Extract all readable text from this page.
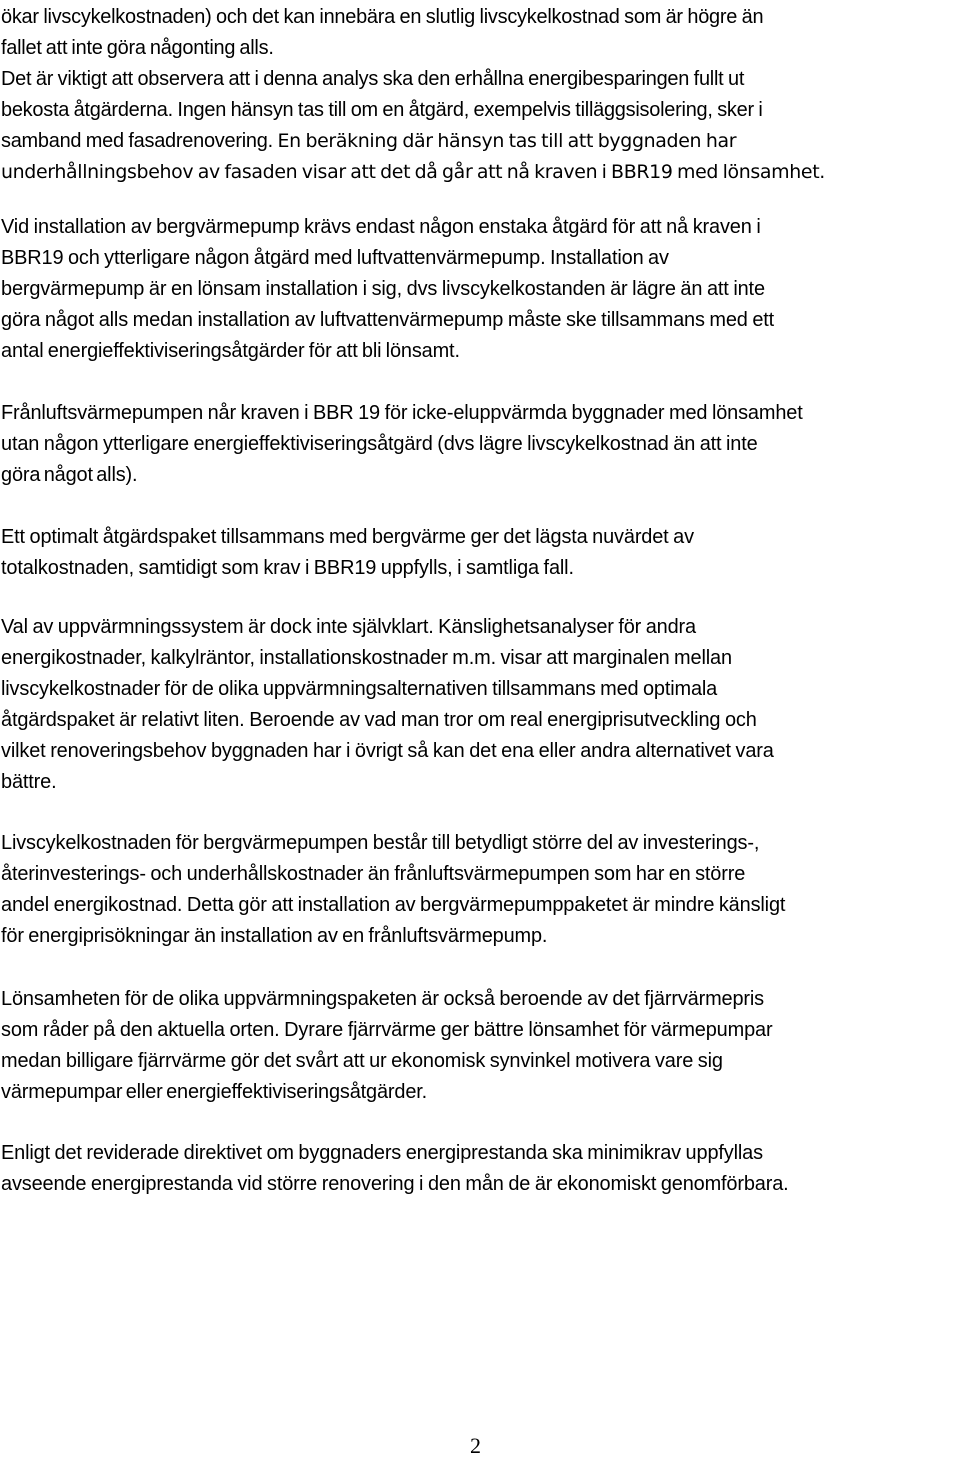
ökar livscykelkostnaden) och det kan innebära en slutlig livscykelkostnad som är högre än
fallet att inte göra någonting alls.
Det är viktigt att observera att i denna analys ska den erhållna energibesparingen fullt ut
bekosta åtgärderna. Ingen hänsyn tas till om en åtgärd, exempelvis tilläggsisolering, sker i
samband med fasadrenovering. En beräkning där hänsyn tas till att byggnaden har
underhållningsbehov av fasaden visar att det då går att nå kraven i BBR19 med lönsamhet.

Vid installation av bergvärmepump krävs endast någon enstaka åtgärd för att nå kraven i
BBR19 och ytterligare någon åtgärd med luftvattenvärmepump. Installation av
bergvärmepump är en lönsam installation i sig, dvs livscykelkostanden är lägre än att inte
göra något alls medan installation av luftvattenvärmepump måste ske tillsammans med ett
antal energieffektiviseringsåtgärder för att bli lönsamt.

Frånluftsvärmepumpen når kraven i BBR 19 för icke-eluppvärmda byggnader med lönsamhet
utan någon ytterligare energieffektiviseringsåtgärd (dvs lägre livscykelkostnad än att inte
göra något alls).

Ett optimalt åtgärdspaket tillsammans med bergvärme ger det lägsta nuvärdet av
totalkostnaden, samtidigt som krav i BBR19 uppfylls, i samtliga fall.

Val av uppvärmningssystem är dock inte självklart. Känslighetsanalyser för andra
energikostnader, kalkylräntor, installationskostnader m.m. visar att marginalen mellan
livscykelkostnader för de olika uppvärmningsalternativen tillsammans med optimala
åtgärdspaket är relativt liten. Beroende av vad man tror om real energiprisutveckling och
vilket renoveringsbehov byggnaden har i övrigt så kan det ena eller andra alternativet vara
bättre.

Livscykelkostnaden för bergvärmepumpen består till betydligt större del av investerings-,
återinvesterings- och underhållskostnader än frånluftsvärmepumpen som har en större
andel energikostnad. Detta gör att installation av bergvärmepumppaketet är mindre känsligt
för energiprisökningar än installation av en frånluftsvärmepump.

Lönsamheten för de olika uppvärmningspaketen är också beroende av det fjärrvärmepris
som råder på den aktuella orten. Dyrare fjärrvärme ger bättre lönsamhet för värmepumpar
medan billigare fjärrvärme gör det svårt att ur ekonomisk synvinkel motivera vare sig
värmepumpar eller energieffektiviseringsåtgärder.

Enligt det reviderade direktivet om byggnaders energiprestanda ska minimikrav uppfyllas
avseende energiprestanda vid större renovering i den mån de är ekonomiskt genomförbara.

2
